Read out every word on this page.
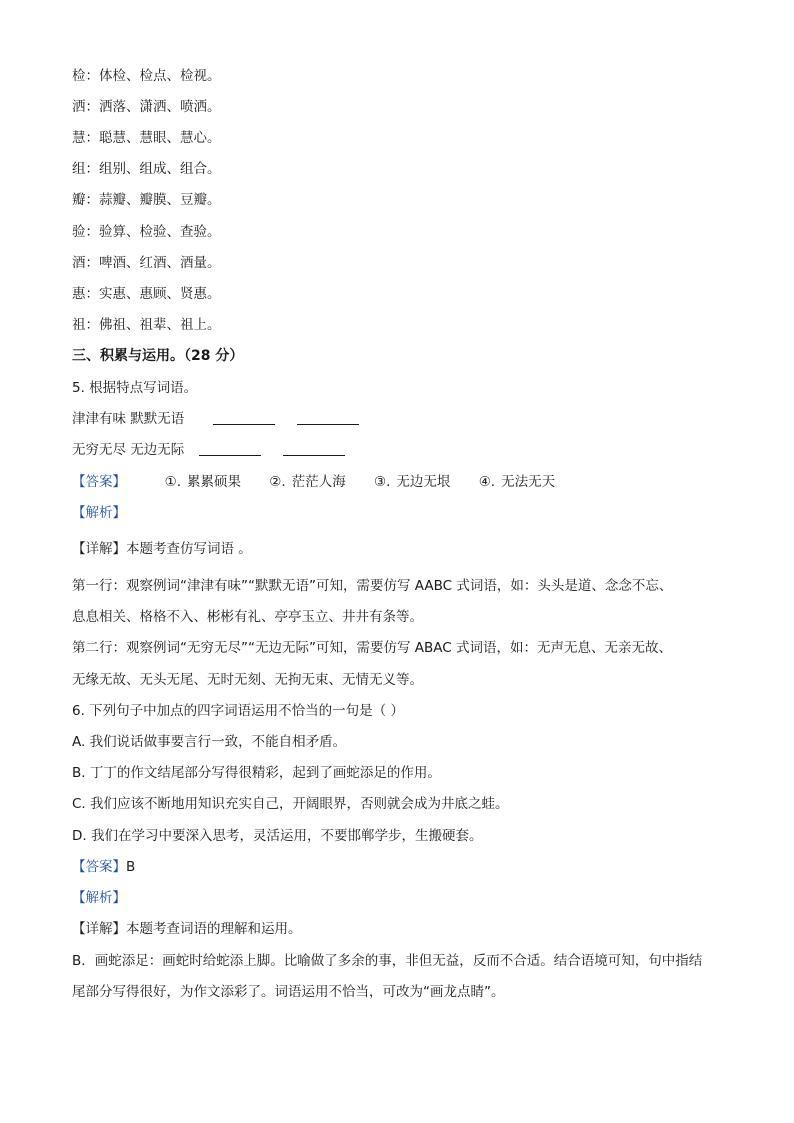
检：体检、检点、检视。
洒：洒落、潇洒、喷洒。
慧：聪慧、慧眼、慧心。
组：组别、组成、组合。
瓣：蒜瓣、瓣膜、豆瓣。
验：验算、检验、查验。
酒：啤酒、红酒、酒量。
惠：实惠、惠顾、贤惠。
祖：佛祖、祖辈、祖上。
三、积累与运用。（28 分）
5. 根据特点写词语。
津津有味 默默无语
无穷无尽 无边无际
【答案】	①. 累累硕果 ②. 茫茫人海 ③. 无边无垠 ④. 无法无天
【解析】
【详解】本题考查仿写词语 。
第一行：观察例词“津津有味”“默默无语”可知，需要仿写 AABC 式词语，如：头头是道、念念不忘、
息息相关、格格不入、彬彬有礼、亭亭玉立、井井有条等。
第二行：观察例词“无穷无尽”“无边无际”可知，需要仿写 ABAC 式词语，如：无声无息、无亲无故、
无缘无故、无头无尾、无时无刻、无拘无束、无情无义等。
6. 下列句子中加点的四字词语运用不恰当的一句是（ ）
A. 我们说话做事要言行一致，不能自相矛盾。
B. 丁丁的作文结尾部分写得很精彩，起到了画蛇添足的作用。
C. 我们应该不断地用知识充实自己，开阔眼界，否则就会成为井底之蛙。
D. 我们在学习中要深入思考，灵活运用，不要邯郸学步，生搬硬套。
【答案】B
【解析】
【详解】本题考查词语的理解和运用。
B．画蛇添足：画蛇时给蛇添上脚。比喻做了多余的事，非但无益，反而不合适。结合语境可知，句中指结
尾部分写得很好，为作文添彩了。词语运用不恰当，可改为“画龙点睛”。
